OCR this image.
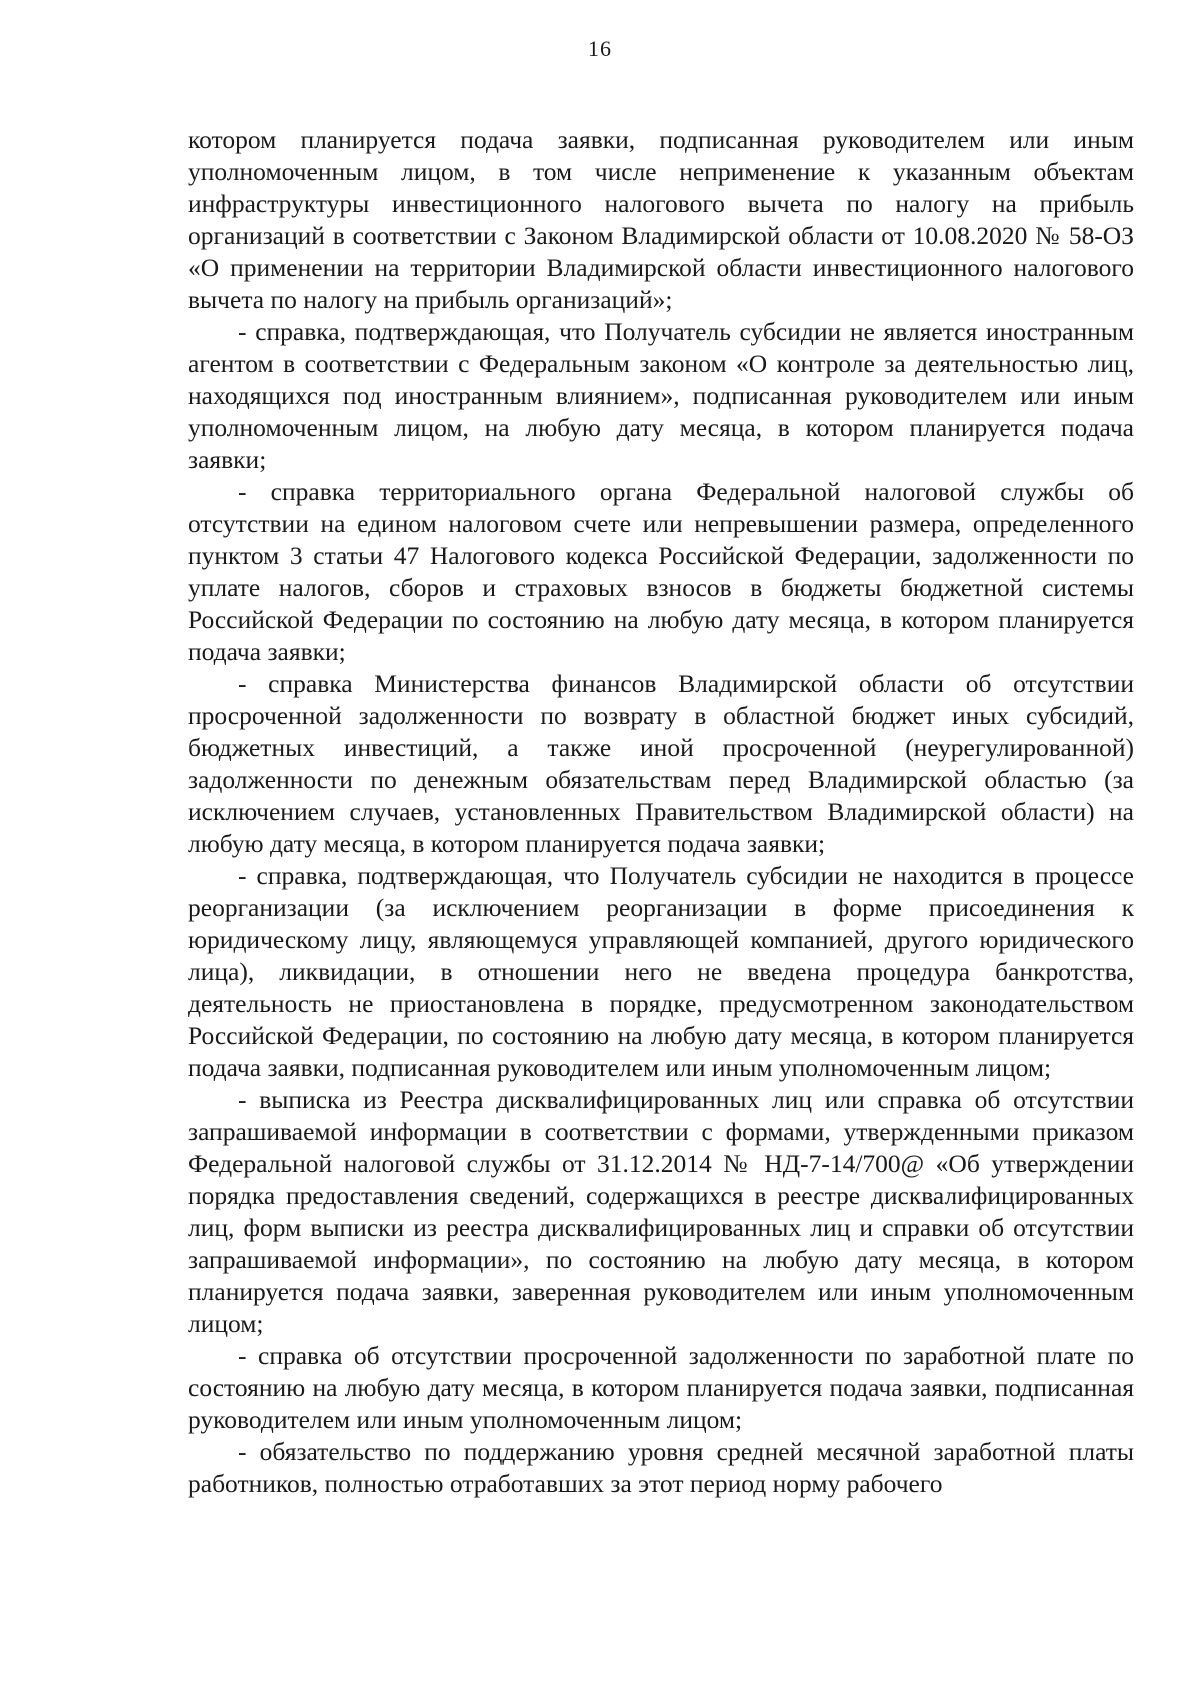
16

котором планируется подача заявки, подписанная руководителем или иным уполномоченным лицом, в том числе неприменение к указанным объектам инфраструктуры инвестиционного налогового вычета по налогу на прибыль организаций в соответствии с Законом Владимирской области от 10.08.2020 № 58-ОЗ «О применении на территории Владимирской области инвестиционного налогового вычета по налогу на прибыль организаций»;

- справка, подтверждающая, что Получатель субсидии не является иностранным агентом в соответствии с Федеральным законом «О контроле за деятельностью лиц, находящихся под иностранным влиянием», подписанная руководителем или иным уполномоченным лицом, на любую дату месяца, в котором планируется подача заявки;

- справка территориального органа Федеральной налоговой службы об отсутствии на едином налоговом счете или непревышении размера, определенного пунктом 3 статьи 47 Налогового кодекса Российской Федерации, задолженности по уплате налогов, сборов и страховых взносов в бюджеты бюджетной системы Российской Федерации по состоянию на любую дату месяца, в котором планируется подача заявки;

- справка Министерства финансов Владимирской области об отсутствии просроченной задолженности по возврату в областной бюджет иных субсидий, бюджетных инвестиций, а также иной просроченной (неурегулированной) задолженности по денежным обязательствам перед Владимирской областью (за исключением случаев, установленных Правительством Владимирской области) на любую дату месяца, в котором планируется подача заявки;

- справка, подтверждающая, что Получатель субсидии не находится в процессе реорганизации (за исключением реорганизации в форме присоединения к юридическому лицу, являющемуся управляющей компанией, другого юридического лица), ликвидации, в отношении него не введена процедура банкротства, деятельность не приостановлена в порядке, предусмотренном законодательством Российской Федерации, по состоянию на любую дату месяца, в котором планируется подача заявки, подписанная руководителем или иным уполномоченным лицом;

- выписка из Реестра дисквалифицированных лиц или справка об отсутствии запрашиваемой информации в соответствии с формами, утвержденными приказом Федеральной налоговой службы от 31.12.2014 № НД-7-14/700@ «Об утверждении порядка предоставления сведений, содержащихся в реестре дисквалифицированных лиц, форм выписки из реестра дисквалифицированных лиц и справки об отсутствии запрашиваемой информации», по состоянию на любую дату месяца, в котором планируется подача заявки, заверенная руководителем или иным уполномоченным лицом;

- справка об отсутствии просроченной задолженности по заработной плате по состоянию на любую дату месяца, в котором планируется подача заявки, подписанная руководителем или иным уполномоченным лицом;

- обязательство по поддержанию уровня средней месячной заработной платы работников, полностью отработавших за этот период норму рабочего
